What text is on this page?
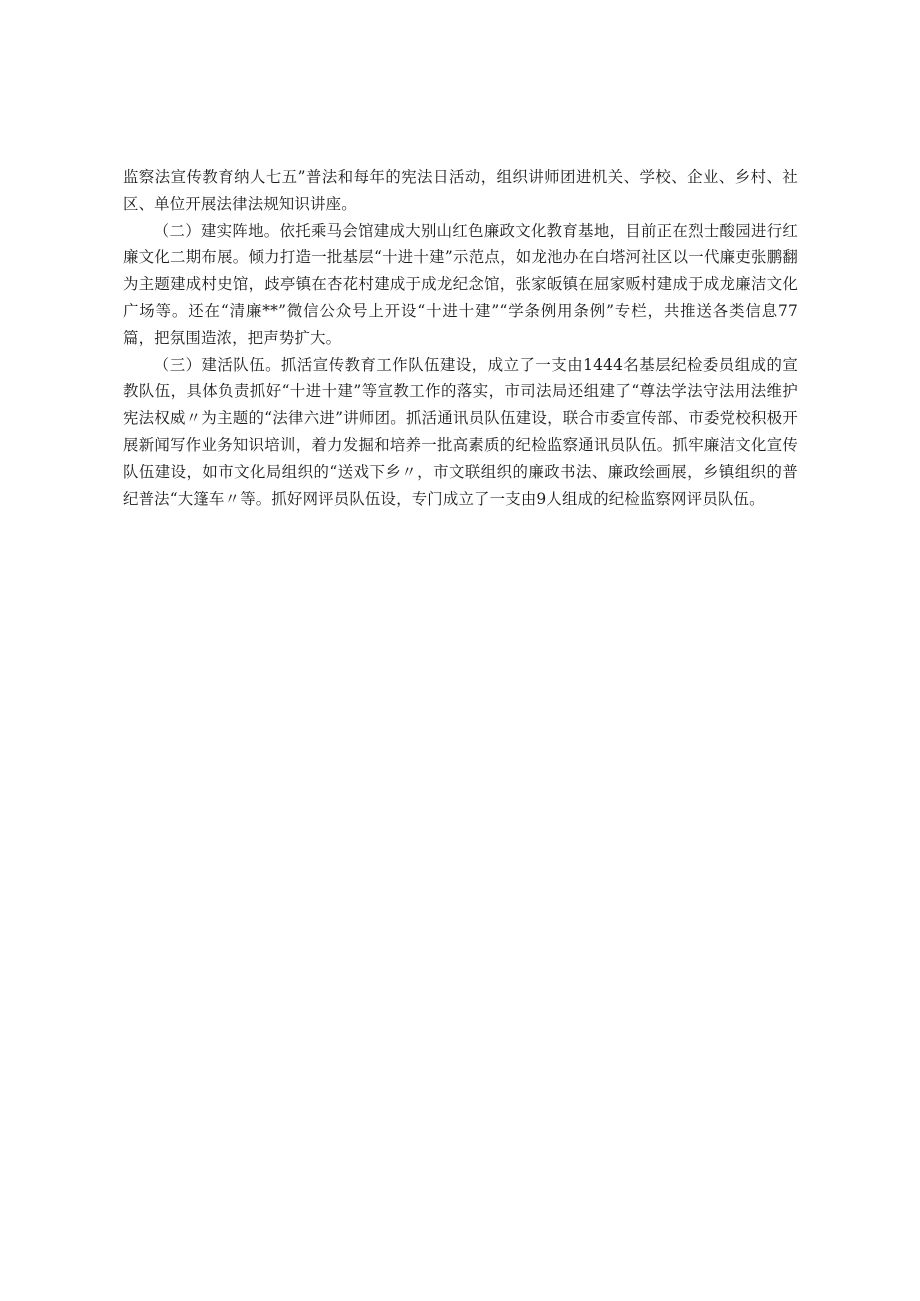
监察法宣传教育纳人七五”普法和每年的宪法日活动，组织讲师团进机关、学校、企业、乡村、社区、单位开展法律法规知识讲座。

（二）建实阵地。依托乘马会馆建成大别山红色廉政文化教育基地，目前正在烈士酸园进行红廉文化二期布展。倾力打造一批基层“十进十建”示范点，如龙池办在白塔河社区以一代廉吏张鹏翻为主题建成村史馆，歧亭镇在杏花村建成于成龙纪念馆，张家皈镇在屈家贩村建成于成龙廉洁文化广场等。还在“清廉**”微信公众号上开设“十进十建”“学条例用条例”专栏，共推送各类信息77篇，把氛围造浓，把声势扩大。

（三）建活队伍。抓活宣传教育工作队伍建设，成立了一支由1444名基层纪检委员组成的宣教队伍，具体负责抓好“十进十建”等宣教工作的落实，市司法局还组建了“尊法学法守法用法维护宪法权威〃为主题的“法律六进”讲师团。抓活通讯员队伍建设，联合市委宣传部、市委党校积极开展新闻写作业务知识培训，着力发掘和培养一批高素质的纪检监察通讯员队伍。抓牢廉洁文化宣传队伍建设，如市文化局组织的“送戏下乡〃，市文联组织的廉政书法、廉政绘画展，乡镇组织的普纪普法“大篷车〃等。抓好网评员队伍设，专门成立了一支由9人组成的纪检监察网评员队伍。
